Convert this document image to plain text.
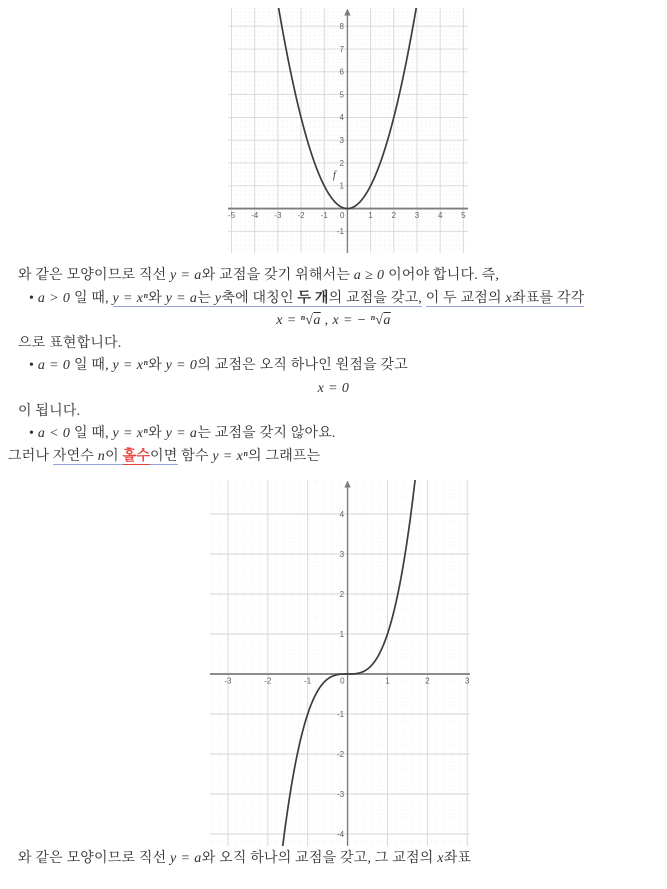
-5 -4 -3 -2 -1 0	1 2 3 4 5
-1
1
2
3
4
5
6
7
8
f

와 같은 모양이므로 직선 y = a와 교점을 갖기 위해서는 a ≥ 0 이어야 합니다. 즉,

• a > 0 일 때, y = xⁿ와 y = a는 y축에 대칭인 두 개의 교점을 갖고, 이 두 교점의 x좌표를 각각

x = ⁿ√a , x = − ⁿ√a

으로 표현합니다.

• a = 0 일 때, y = xⁿ와 y = 0의 교점은 오직 하나인 원점을 갖고

x = 0

이 됩니다.

• a < 0 일 때, y = xⁿ와 y = a는 교점을 갖지 않아요.

그러나 자연수 n이 홀수이면 함수 y = xⁿ의 그래프는

-3	-2	-1	0	1	2	3
-4
-3
-2
-1
1
2
3
4

와 같은 모양이므로 직선 y = a와 오직 하나의 교점을 갖고, 그 교점의 x좌표
